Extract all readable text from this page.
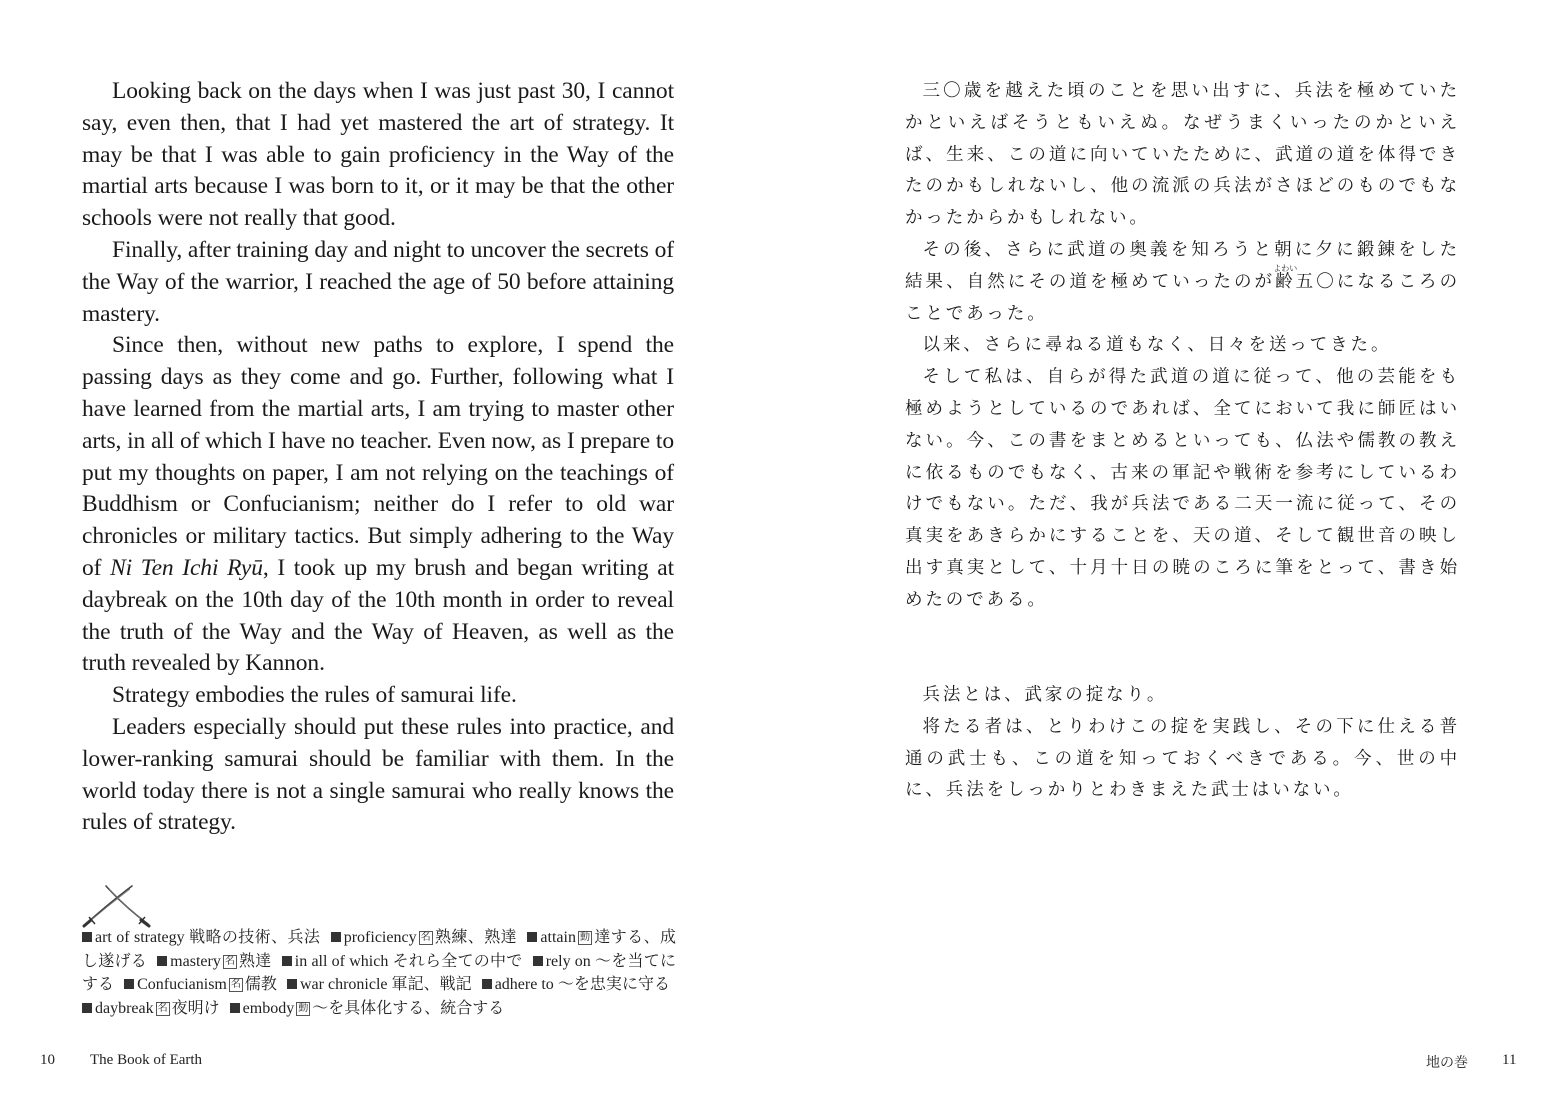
Looking back on the days when I was just past 30, I cannot say, even then, that I had yet mastered the art of strategy. It may be that I was able to gain proficiency in the Way of the martial arts because I was born to it, or it may be that the other schools were not really that good.

Finally, after training day and night to uncover the secrets of the Way of the warrior, I reached the age of 50 before attaining mastery.

Since then, without new paths to explore, I spend the passing days as they come and go. Further, following what I have learned from the martial arts, I am trying to master other arts, in all of which I have no teacher. Even now, as I prepare to put my thoughts on paper, I am not relying on the teachings of Buddhism or Confucianism; neither do I refer to old war chronicles or military tactics. But simply adhering to the Way of Ni Ten Ichi Ryū, I took up my brush and began writing at daybreak on the 10th day of the 10th month in order to reveal the truth of the Way and the Way of Heaven, as well as the truth revealed by Kannon.

Strategy embodies the rules of samurai life.

Leaders especially should put these rules into practice, and lower-ranking samurai should be familiar with them. In the world today there is not a single samurai who really knows the rules of strategy.

art of strategy 戦略の技術、兵法 proficiency 名 熟練、熟達 attain 動 達する、成し遂げる mastery 名 熟達 in all of which それら全ての中で rely on ～を当てにする Confucianism 名 儒教 war chronicle 軍記、戦記 adhere to ～を忠実に守る daybreak 名 夜明け embody 動 ～を具体化する、統合する
10 The Book of Earth

三〇歳を越えた頃のことを思い出すに、兵法を極めていたかといえばそうともいえぬ。なぜうまくいったのかといえば、生来、この道に向いていたために、武道の道を体得できたのかもしれないし、他の流派の兵法がさほどのものでもなかったからかもしれない。

その後、さらに武道の奥義を知ろうと朝に夕に鍛錬をした結果、自然にその道を極めていったのが齢よわい五〇になるころのことであった。

以来、さらに尋ねる道もなく、日々を送ってきた。

そして私は、自らが得た武道の道に従って、他の芸能をも極めようとしているのであれば、全てにおいて我に師匠はいない。今、この書をまとめるといっても、仏法や儒教の教えに依るものでもなく、古来の軍記や戦術を参考にしているわけでもない。ただ、我が兵法である二天一流に従って、その真実をあきらかにすることを、天の道、そして観世音の映し出す真実として、十月十日の暁のころに筆をとって、書き始めたのである。

兵法とは、武家の掟なり。

将たる者は、とりわけこの掟を実践し、その下に仕える普通の武士も、この道を知っておくべきである。今、世の中に、兵法をしっかりとわきまえた武士はいない。

地の巻 11
